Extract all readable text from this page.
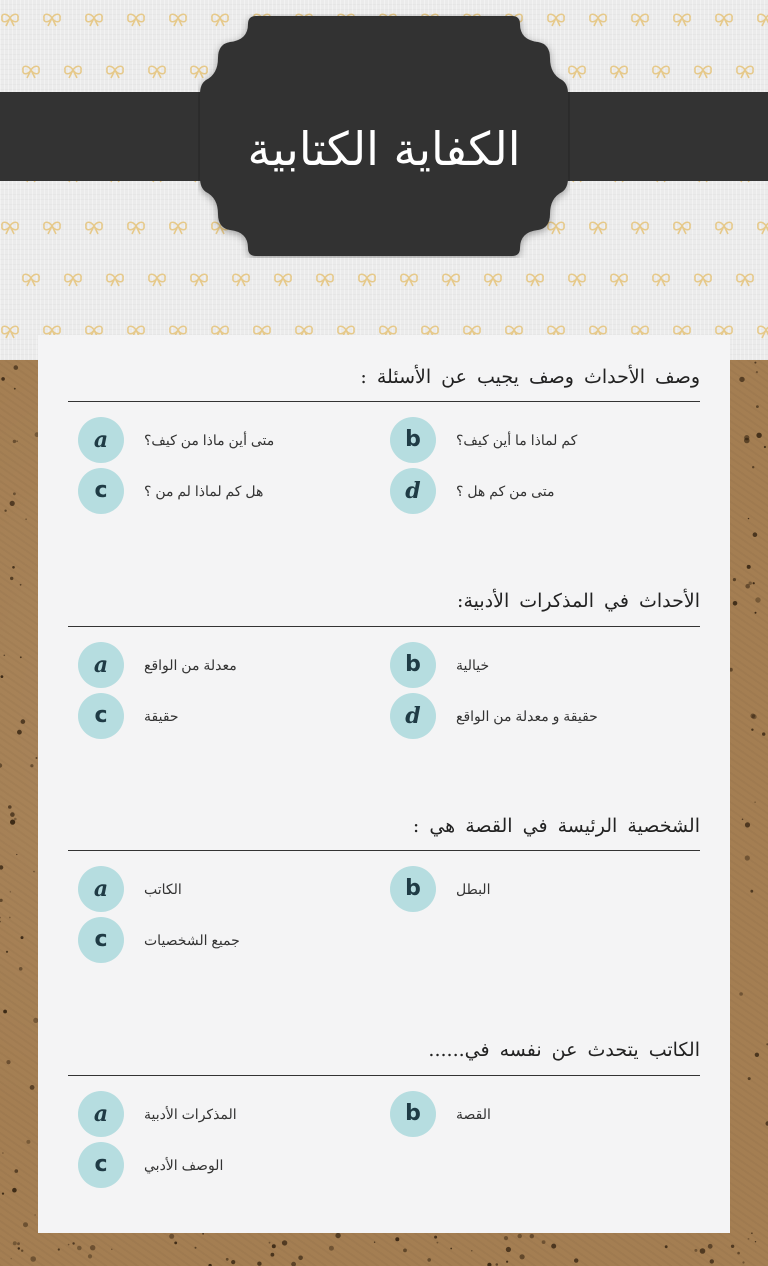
الكفاية الكتابية
وصف الأحداث وصف يجيب عن الأسئلة :
a	متى أين ماذا من كيف؟	b	كم لماذا ما أين كيف؟
c	هل كم لماذا لم من ؟	d	متى من كم هل ؟
الأحداث في المذكرات الأدبية:
a	معدلة من الواقع	b	خيالية
c	حقيقة	d	حقيقة و معدلة من الواقع
الشخصية الرئيسة في القصة هي :
a	الكاتب	b	البطل
c	جميع الشخصيات
الكاتب يتحدث عن نفسه في......
a	المذكرات الأدبية	b	القصة
c	الوصف الأدبي
